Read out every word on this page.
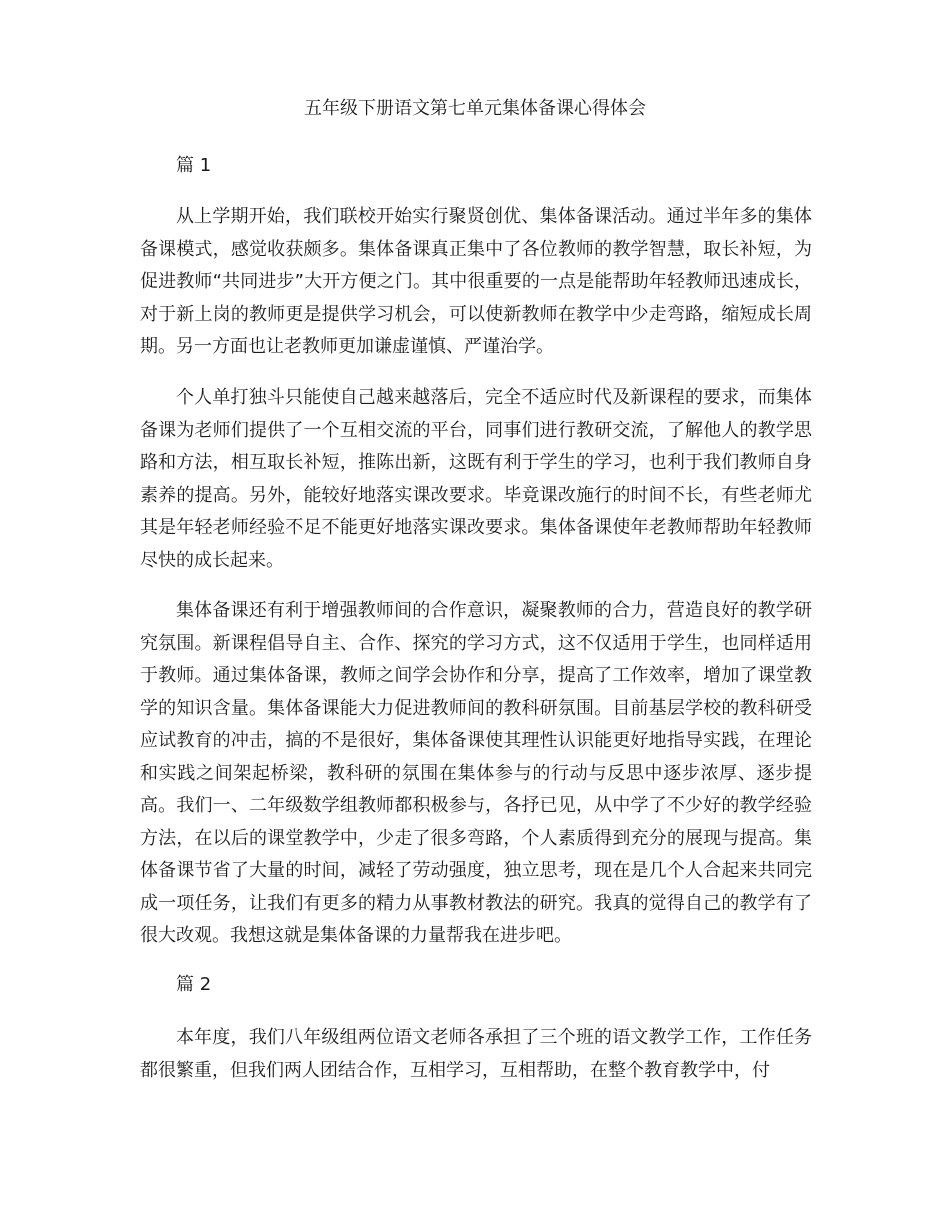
五年级下册语文第七单元集体备课心得体会

篇 1

从上学期开始，我们联校开始实行聚贤创优、集体备课活动。通过半年多的集体备课模式，感觉收获颇多。集体备课真正集中了各位教师的教学智慧，取长补短，为促进教师“共同进步”大开方便之门。其中很重要的一点是能帮助年轻教师迅速成长，对于新上岗的教师更是提供学习机会，可以使新教师在教学中少走弯路，缩短成长周期。另一方面也让老教师更加谦虚谨慎、严谨治学。

个人单打独斗只能使自己越来越落后，完全不适应时代及新课程的要求，而集体备课为老师们提供了一个互相交流的平台，同事们进行教研交流，了解他人的教学思路和方法，相互取长补短，推陈出新，这既有利于学生的学习，也利于我们教师自身素养的提高。另外，能较好地落实课改要求。毕竟课改施行的时间不长，有些老师尤其是年轻老师经验不足不能更好地落实课改要求。集体备课使年老教师帮助年轻教师尽快的成长起来。

集体备课还有利于增强教师间的合作意识，凝聚教师的合力，营造良好的教学研究氛围。新课程倡导自主、合作、探究的学习方式，这不仅适用于学生，也同样适用于教师。通过集体备课，教师之间学会协作和分享，提高了工作效率，增加了课堂教学的知识含量。集体备课能大力促进教师间的教科研氛围。目前基层学校的教科研受应试教育的冲击，搞的不是很好，集体备课使其理性认识能更好地指导实践，在理论和实践之间架起桥梁，教科研的氛围在集体参与的行动与反思中逐步浓厚、逐步提高。我们一、二年级数学组教师都积极参与，各抒已见，从中学了不少好的教学经验方法，在以后的课堂教学中，少走了很多弯路，个人素质得到充分的展现与提高。集体备课节省了大量的时间，减轻了劳动强度，独立思考，现在是几个人合起来共同完成一项任务，让我们有更多的精力从事教材教法的研究。我真的觉得自己的教学有了很大改观。我想这就是集体备课的力量帮我在进步吧。

篇 2

本年度，我们八年级组两位语文老师各承担了三个班的语文教学工作，工作任务都很繁重，但我们两人团结合作，互相学习，互相帮助，在整个教育教学中，付
